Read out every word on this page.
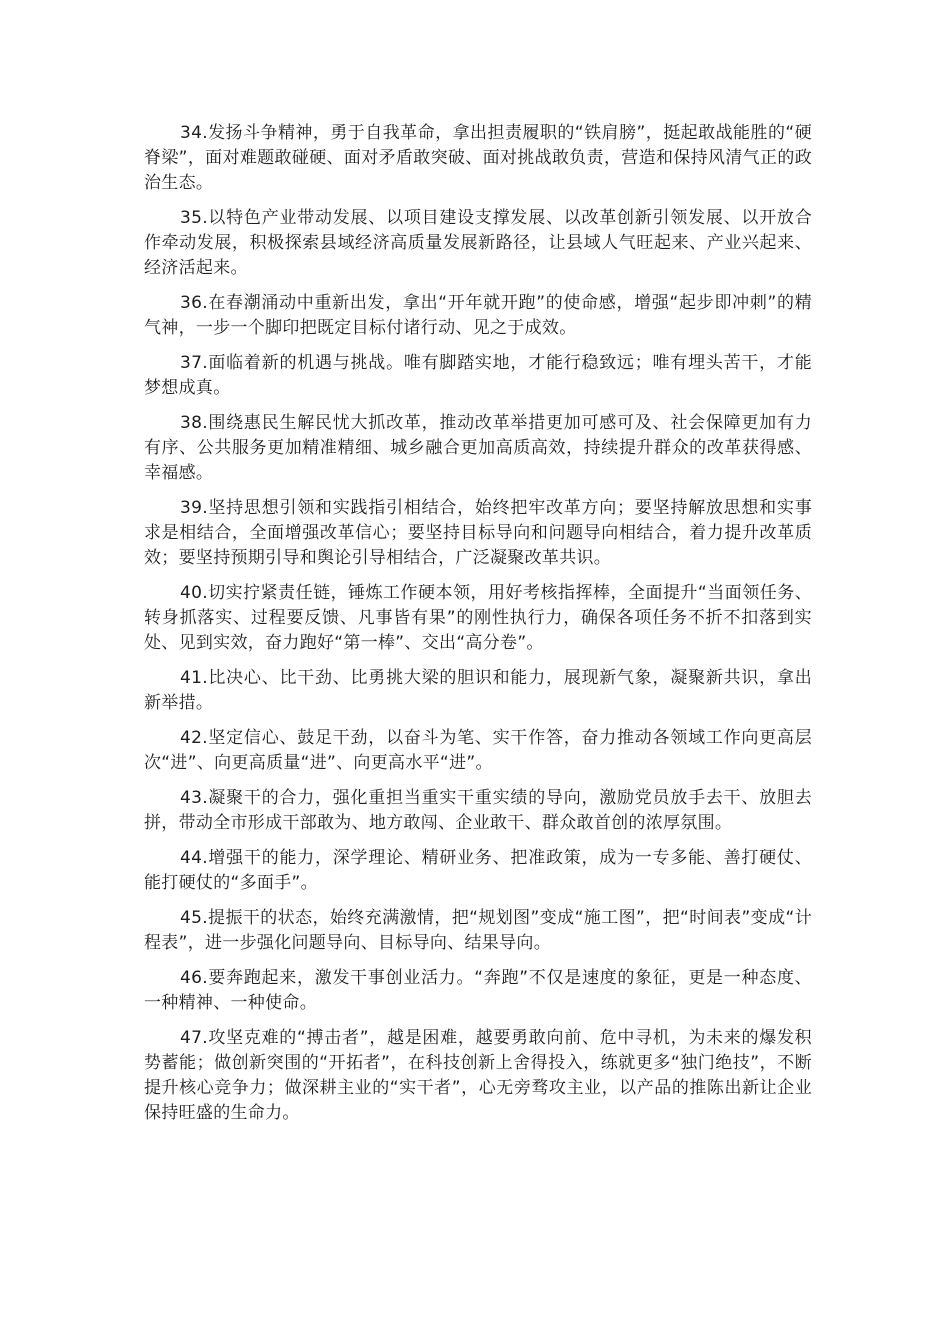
34.发扬斗争精神，勇于自我革命，拿出担责履职的“铁肩膀”，挺起敢战能胜的“硬脊梁”，面对难题敢碰硬、面对矛盾敢突破、面对挑战敢负责，营造和保持风清气正的政治生态。

35.以特色产业带动发展、以项目建设支撑发展、以改革创新引领发展、以开放合作牵动发展，积极探索县域经济高质量发展新路径，让县域人气旺起来、产业兴起来、经济活起来。

36.在春潮涌动中重新出发，拿出“开年就开跑”的使命感，增强“起步即冲刺”的精气神，一步一个脚印把既定目标付诸行动、见之于成效。

37.面临着新的机遇与挑战。唯有脚踏实地，才能行稳致远；唯有埋头苦干，才能梦想成真。

38.围绕惠民生解民忧大抓改革，推动改革举措更加可感可及、社会保障更加有力有序、公共服务更加精准精细、城乡融合更加高质高效，持续提升群众的改革获得感、幸福感。

39.坚持思想引领和实践指引相结合，始终把牢改革方向；要坚持解放思想和实事求是相结合，全面增强改革信心；要坚持目标导向和问题导向相结合，着力提升改革质效；要坚持预期引导和舆论引导相结合，广泛凝聚改革共识。

40.切实拧紧责任链，锤炼工作硬本领，用好考核指挥棒，全面提升“当面领任务、转身抓落实、过程要反馈、凡事皆有果”的刚性执行力，确保各项任务不折不扣落到实处、见到实效，奋力跑好“第一棒”、交出“高分卷”。

41.比决心、比干劲、比勇挑大梁的胆识和能力，展现新气象，凝聚新共识，拿出新举措。

42.坚定信心、鼓足干劲，以奋斗为笔、实干作答，奋力推动各领域工作向更高层次“进”、向更高质量“进”、向更高水平“进”。

43.凝聚干的合力，强化重担当重实干重实绩的导向，激励党员放手去干、放胆去拼，带动全市形成干部敢为、地方敢闯、企业敢干、群众敢首创的浓厚氛围。

44.增强干的能力，深学理论、精研业务、把准政策，成为一专多能、善打硬仗、能打硬仗的“多面手”。

45.提振干的状态，始终充满激情，把“规划图”变成“施工图”，把“时间表”变成“计程表”，进一步强化问题导向、目标导向、结果导向。

46.要奔跑起来，激发干事创业活力。“奔跑”不仅是速度的象征，更是一种态度、一种精神、一种使命。

47.攻坚克难的“搏击者”，越是困难，越要勇敢向前、危中寻机，为未来的爆发积势蓄能；做创新突围的“开拓者”，在科技创新上舍得投入，练就更多“独门绝技”，不断提升核心竞争力；做深耕主业的“实干者”，心无旁骛攻主业，以产品的推陈出新让企业保持旺盛的生命力。
